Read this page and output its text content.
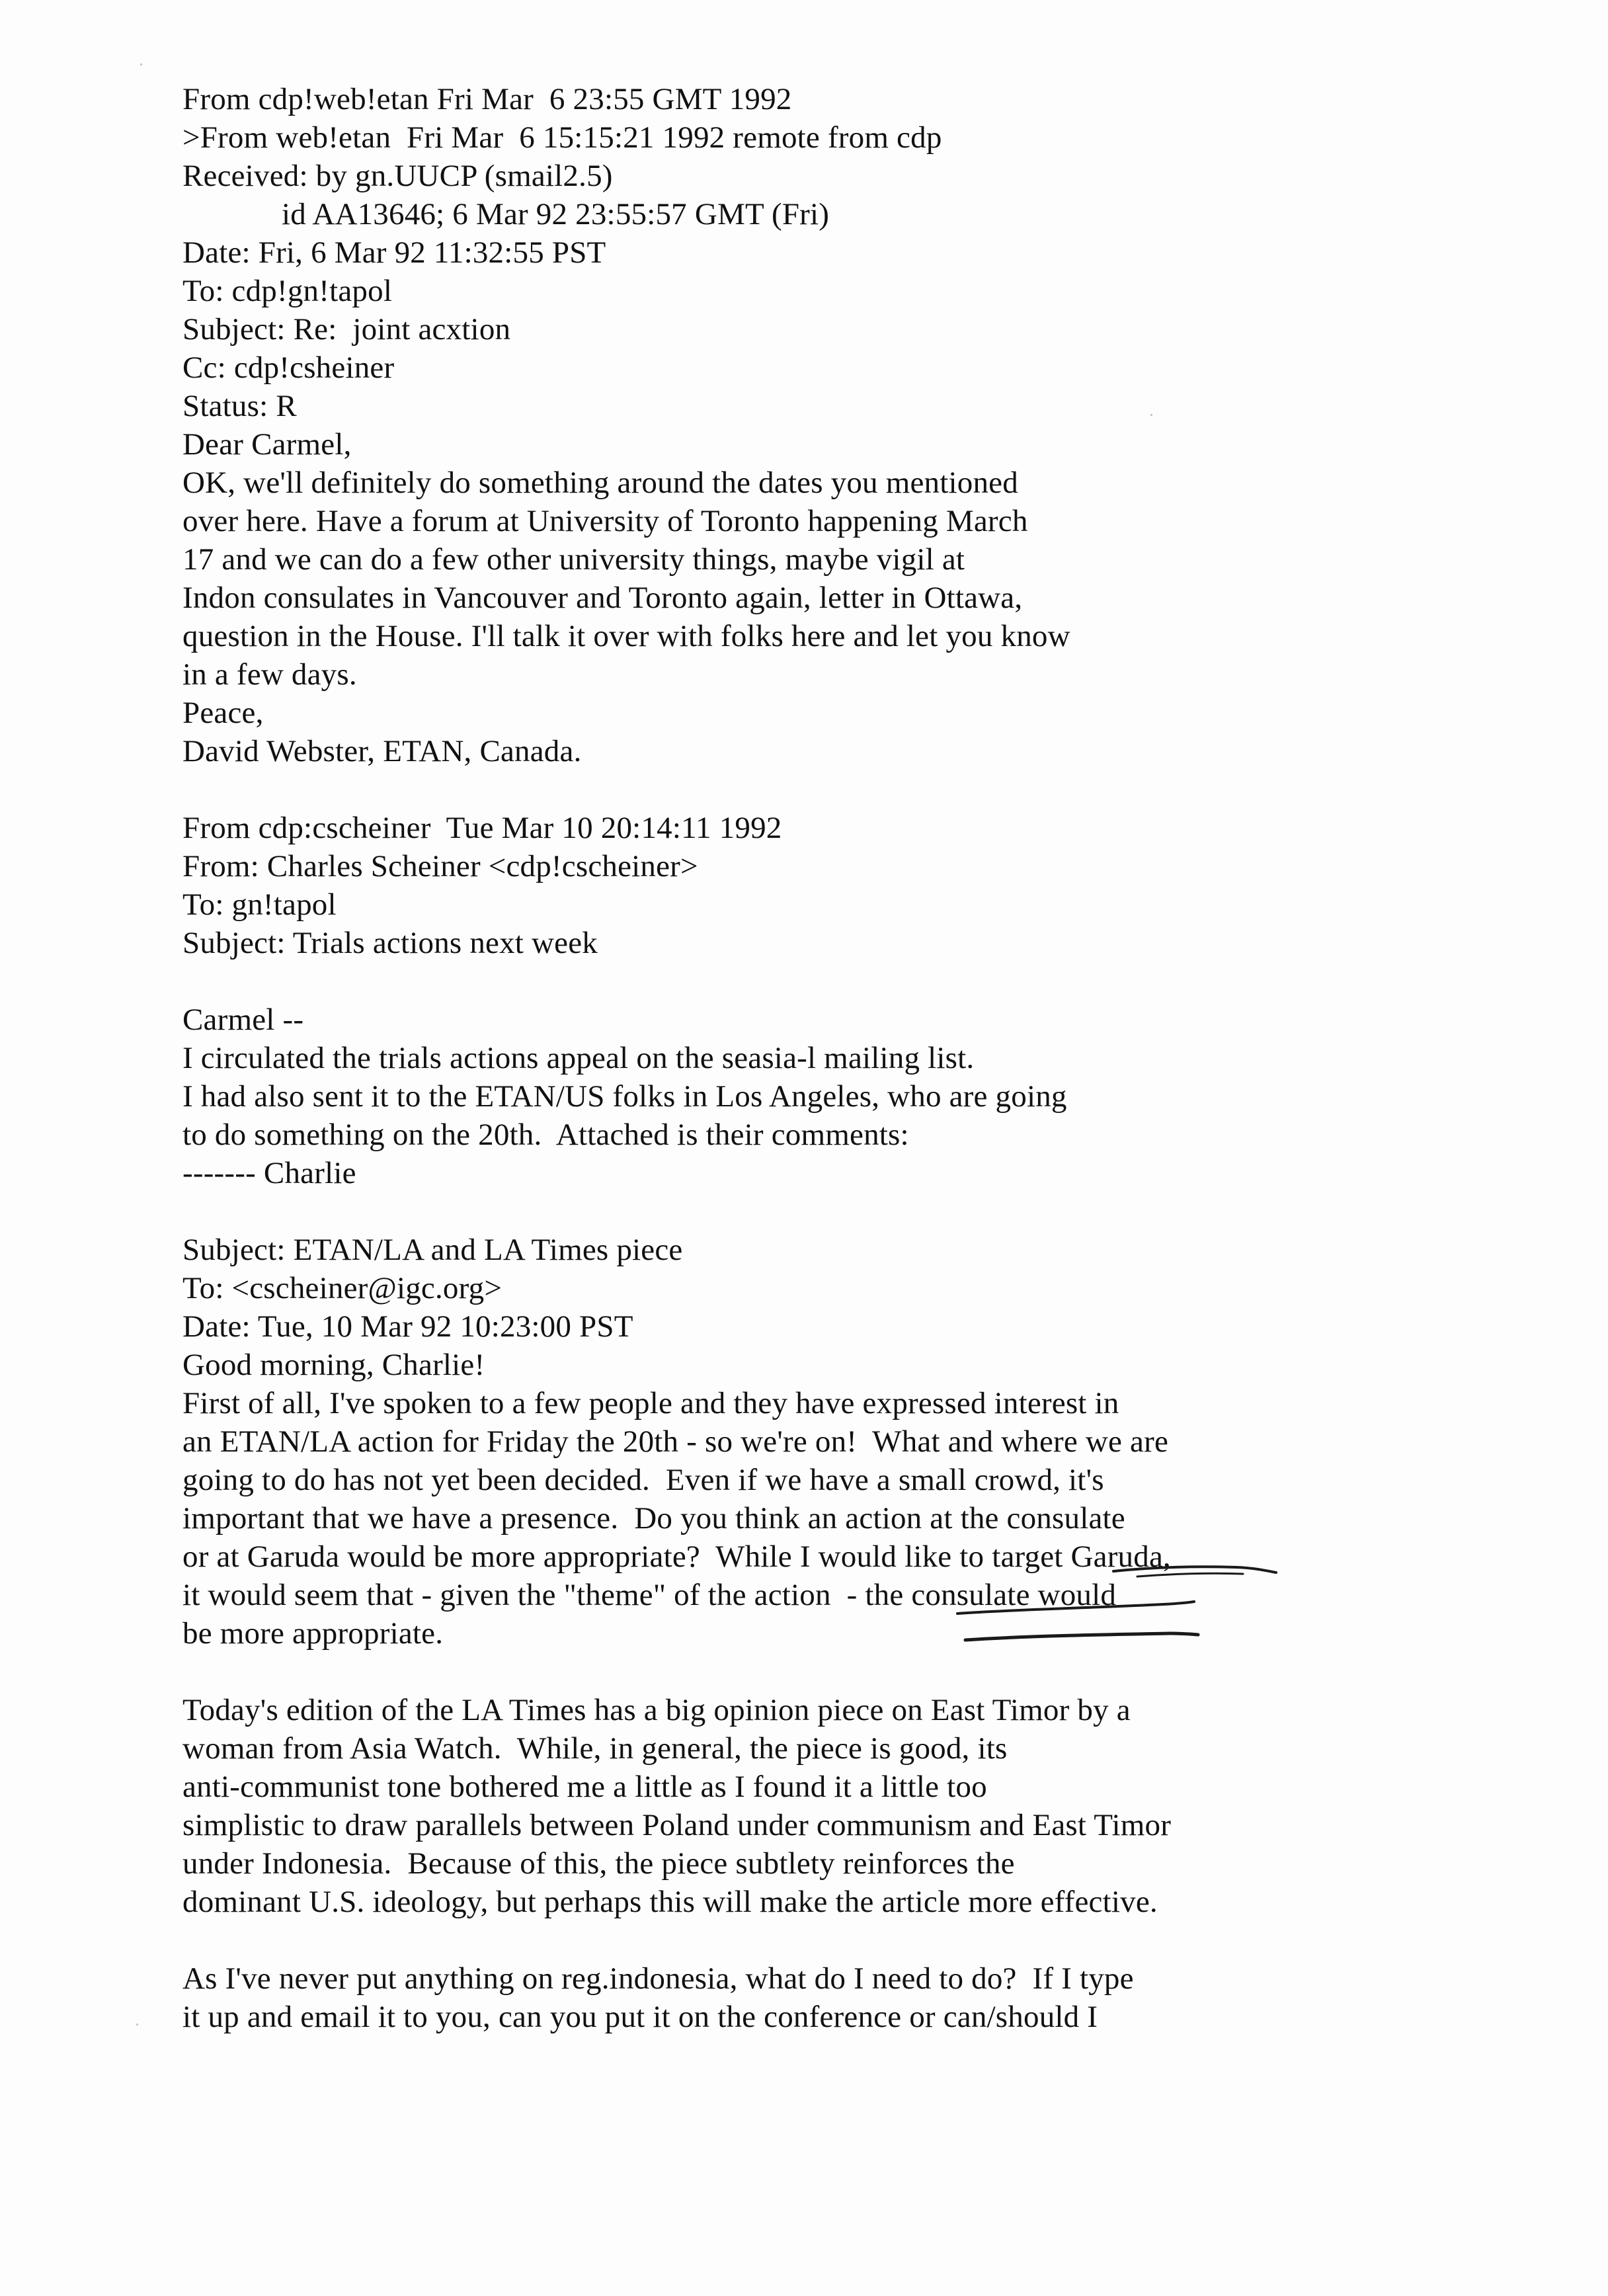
From cdp!web!etan Fri Mar  6 23:55 GMT 1992
>From web!etan  Fri Mar  6 15:15:21 1992 remote from cdp
Received: by gn.UUCP (smail2.5)
id AA13646; 6 Mar 92 23:55:57 GMT (Fri)
Date: Fri, 6 Mar 92 11:32:55 PST
To: cdp!gn!tapol
Subject: Re:  joint acxtion
Cc: cdp!csheiner
Status: R
Dear Carmel,
OK, we'll definitely do something around the dates you mentioned
over here. Have a forum at University of Toronto happening March
17 and we can do a few other university things, maybe vigil at
Indon consulates in Vancouver and Toronto again, letter in Ottawa,
question in the House. I'll talk it over with folks here and let you know
in a few days.
Peace,
David Webster, ETAN, Canada.
From cdp:cscheiner  Tue Mar 10 20:14:11 1992
From: Charles Scheiner <cdp!cscheiner>
To: gn!tapol
Subject: Trials actions next week
Carmel --
I circulated the trials actions appeal on the seasia-l mailing list.
I had also sent it to the ETAN/US folks in Los Angeles, who are going
to do something on the 20th.  Attached is their comments:
------- Charlie
Subject: ETAN/LA and LA Times piece
To: <cscheiner@igc.org>
Date: Tue, 10 Mar 92 10:23:00 PST
Good morning, Charlie!
First of all, I've spoken to a few people and they have expressed interest in
an ETAN/LA action for Friday the 20th - so we're on!  What and where we are
going to do has not yet been decided.  Even if we have a small crowd, it's
important that we have a presence.  Do you think an action at the consulate
or at Garuda would be more appropriate?  While I would like to target Garuda,
it would seem that - given the "theme" of the action  - the consulate would
be more appropriate.
Today's edition of the LA Times has a big opinion piece on East Timor by a
woman from Asia Watch.  While, in general, the piece is good, its
anti-communist tone bothered me a little as I found it a little too
simplistic to draw parallels between Poland under communism and East Timor
under Indonesia.  Because of this, the piece subtlety reinforces the
dominant U.S. ideology, but perhaps this will make the article more effective.
As I've never put anything on reg.indonesia, what do I need to do?  If I type
it up and email it to you, can you put it on the conference or can/should I
